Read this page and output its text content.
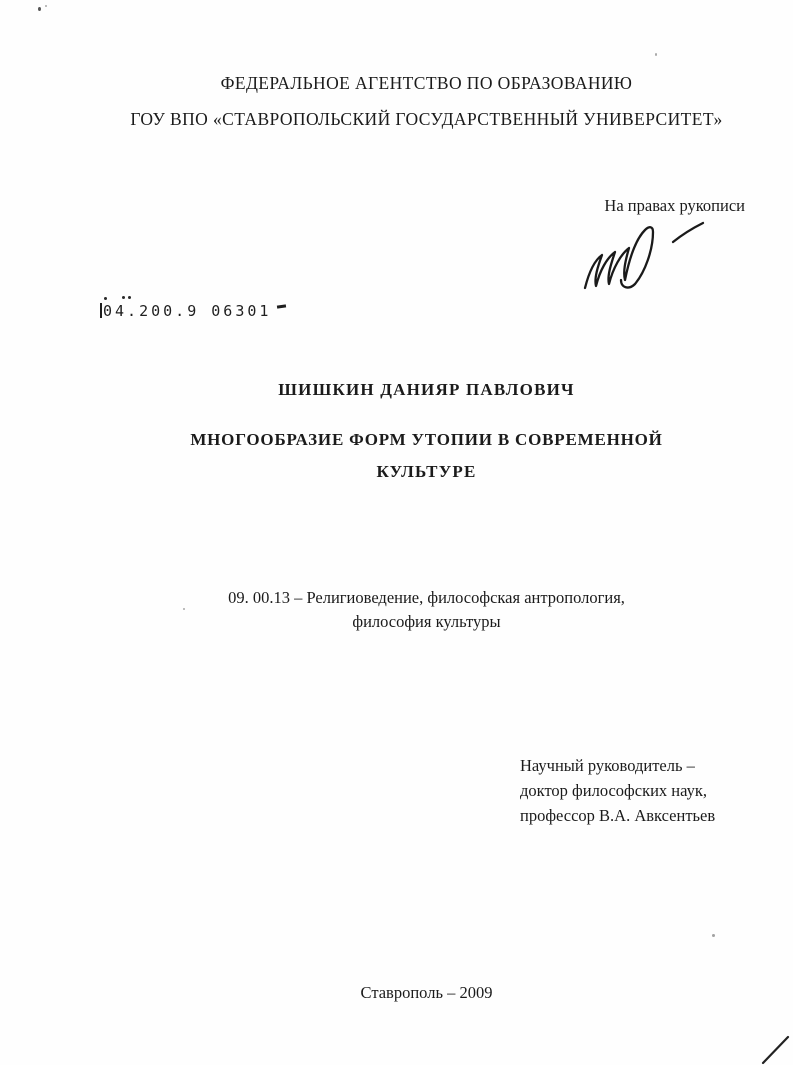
ФЕДЕРАЛЬНОЕ АГЕНТСТВО ПО ОБРАЗОВАНИЮ
ГОУ ВПО «СТАВРОПОЛЬСКИЙ ГОСУДАРСТВЕННЫЙ УНИВЕРСИТЕТ»
ШИШКИН ДАНИЯР ПАВЛОВИЧ
МНОГООБРАЗИЕ ФОРМ УТОПИИ В СОВРЕМЕННОЙ
КУЛЬТУРЕ
09. 00.13 – Религиоведение, философская антропология,
философия культуры
Ставрополь – 2009
На правах рукописи
04.200.9 06301
Научный руководитель –
доктор философских наук,
профессор В.А. Авксентьев
